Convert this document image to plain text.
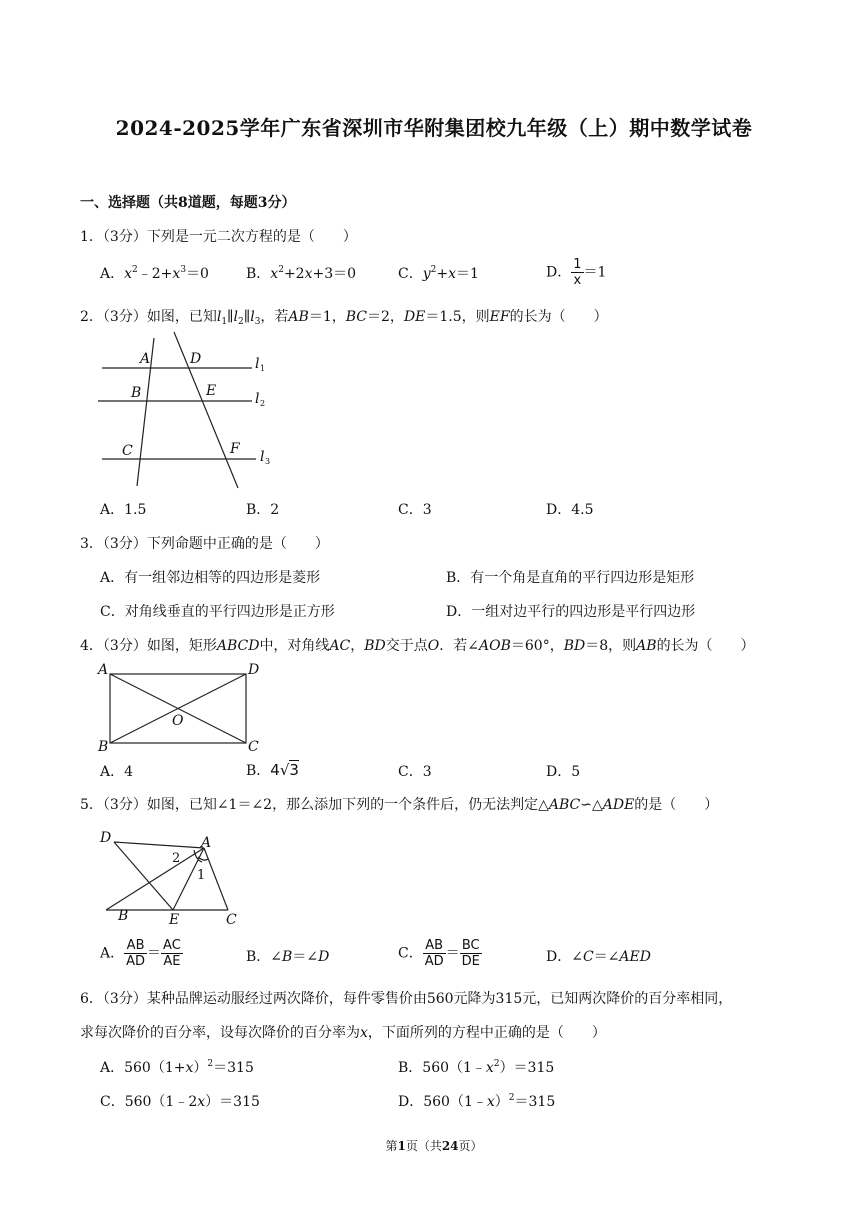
2024-2025学年广东省深圳市华附集团校九年级（上）期中数学试卷
一、选择题（共8道题，每题3分）
1．（3分）下列是一元二次方程的是（　　）
A．$x^2﹣2+x^3=0$	B．$x^2+2x+3=0$	C．$y^2+x=1$	D． $\frac{1}{x} =1$
2．（3分）如图，已知$l_1\parallel l_2\parallel l_3$，若AB＝1，BC＝2，DE＝1.5，则EF的长为（　　）
A	D
B	E
C	F
l
l
l
1
2
3
A．1.5	B．2	C．3	D．4.5
3．（3分）下列命题中正确的是（　　）
A．有一组邻边相等的四边形是菱形	B．有一个角是直角的平行四边形是矩形
C．对角线垂直的平行四边形是正方形	D．一组对边平行的四边形是平行四边形
4．（3分）如图，矩形ABCD中，对角线AC，BD交于点O．若∠AOB＝60°，BD＝8，则AB的长为（　　）
A	D
B	C
O
A．4	B．4√3	C．3	D．5
5．（3分）如图，已知∠1＝∠2，那么添加下列的一个条件后，仍无法判定△ABC∽△ADE的是（　　）
D	A
B	E	C
2
1
A． $\frac{AB}{AD} = \frac{AC}{AE}$	B．∠B＝∠D	C． $\frac{AB}{AD} = \frac{BC}{DE}$	D．∠C＝∠AED
6．（3分）某种品牌运动服经过两次降价，每件零售价由560元降为315元，已知两次降价的百分率相同，
求每次降价的百分率，设每次降价的百分率为x，下面所列的方程中正确的是（　　）
A．$560(1+x)^2=315$	B．$560(1﹣x^2)=315$
C．560（1﹣2x）＝315	D．560（1﹣x）$^2$＝315
第1页（共24页）
